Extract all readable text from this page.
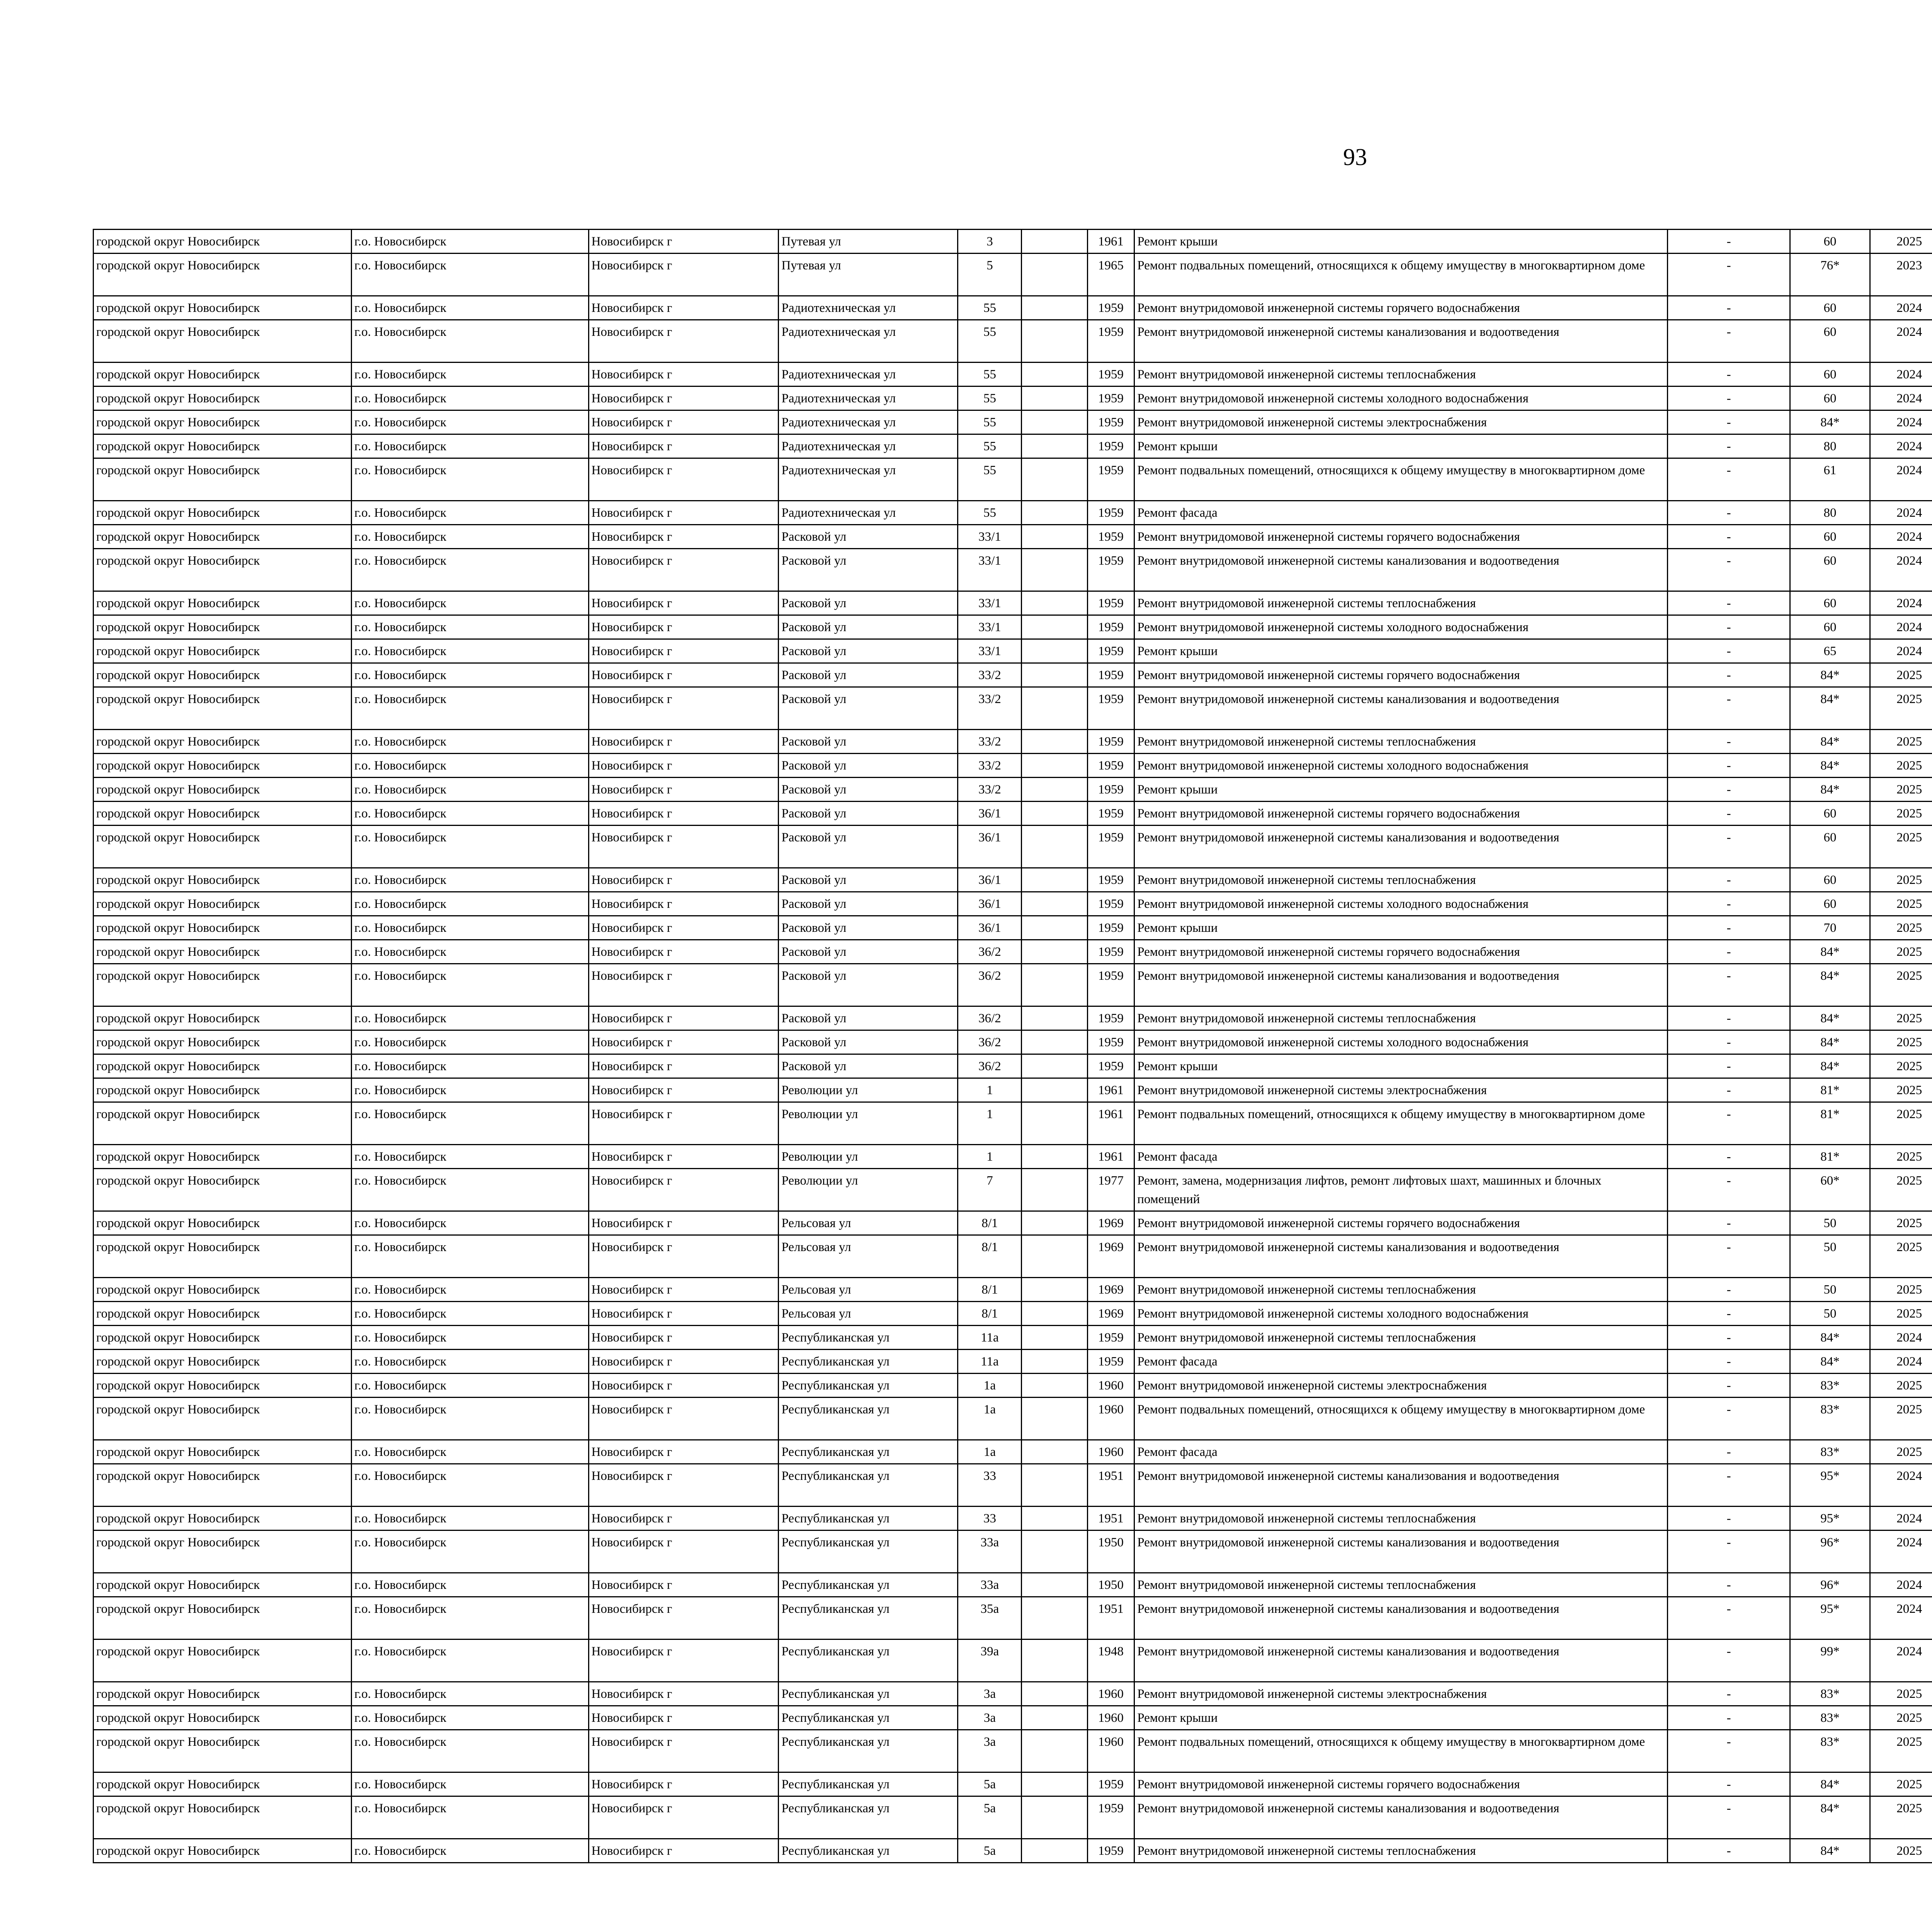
93
городской округ Новосибирск	г.о. Новосибирск	Новосибирск г	Путевая ул	3		1961	Ремонт крыши	-	60	2025								
городской округ Новосибирск	г.о. Новосибирск	Новосибирск г	Путевая ул	5		1965	Ремонт подвальных помещений, относящихся к общему имуществу в многоквартирном доме	-	76*	2023								
городской округ Новосибирск	г.о. Новосибирск	Новосибирск г	Радиотехническая ул	55		1959	Ремонт внутридомовой инженерной системы горячего водоснабжения	-	60	2024								
городской округ Новосибирск	г.о. Новосибирск	Новосибирск г	Радиотехническая ул	55		1959	Ремонт внутридомовой инженерной системы канализования и водоотведения	-	60	2024								
городской округ Новосибирск	г.о. Новосибирск	Новосибирск г	Радиотехническая ул	55		1959	Ремонт внутридомовой инженерной системы теплоснабжения	-	60	2024								
городской округ Новосибирск	г.о. Новосибирск	Новосибирск г	Радиотехническая ул	55		1959	Ремонт внутридомовой инженерной системы холодного водоснабжения	-	60	2024								
городской округ Новосибирск	г.о. Новосибирск	Новосибирск г	Радиотехническая ул	55		1959	Ремонт внутридомовой инженерной системы электроснабжения	-	84*	2024								
городской округ Новосибирск	г.о. Новосибирск	Новосибирск г	Радиотехническая ул	55		1959	Ремонт крыши	-	80	2024								
городской округ Новосибирск	г.о. Новосибирск	Новосибирск г	Радиотехническая ул	55		1959	Ремонт подвальных помещений, относящихся к общему имуществу в многоквартирном доме	-	61	2024								
городской округ Новосибирск	г.о. Новосибирск	Новосибирск г	Радиотехническая ул	55		1959	Ремонт фасада	-	80	2024								
городской округ Новосибирск	г.о. Новосибирск	Новосибирск г	Расковой ул	33/1		1959	Ремонт внутридомовой инженерной системы горячего водоснабжения	-	60	2024								
городской округ Новосибирск	г.о. Новосибирск	Новосибирск г	Расковой ул	33/1		1959	Ремонт внутридомовой инженерной системы канализования и водоотведения	-	60	2024								
городской округ Новосибирск	г.о. Новосибирск	Новосибирск г	Расковой ул	33/1		1959	Ремонт внутридомовой инженерной системы теплоснабжения	-	60	2024								
городской округ Новосибирск	г.о. Новосибирск	Новосибирск г	Расковой ул	33/1		1959	Ремонт внутридомовой инженерной системы холодного водоснабжения	-	60	2024								
городской округ Новосибирск	г.о. Новосибирск	Новосибирск г	Расковой ул	33/1		1959	Ремонт крыши	-	65	2024								
городской округ Новосибирск	г.о. Новосибирск	Новосибирск г	Расковой ул	33/2		1959	Ремонт внутридомовой инженерной системы горячего водоснабжения	-	84*	2025								
городской округ Новосибирск	г.о. Новосибирск	Новосибирск г	Расковой ул	33/2		1959	Ремонт внутридомовой инженерной системы канализования и водоотведения	-	84*	2025								
городской округ Новосибирск	г.о. Новосибирск	Новосибирск г	Расковой ул	33/2		1959	Ремонт внутридомовой инженерной системы теплоснабжения	-	84*	2025								
городской округ Новосибирск	г.о. Новосибирск	Новосибирск г	Расковой ул	33/2		1959	Ремонт внутридомовой инженерной системы холодного водоснабжения	-	84*	2025								
городской округ Новосибирск	г.о. Новосибирск	Новосибирск г	Расковой ул	33/2		1959	Ремонт крыши	-	84*	2025								
городской округ Новосибирск	г.о. Новосибирск	Новосибирск г	Расковой ул	36/1		1959	Ремонт внутридомовой инженерной системы горячего водоснабжения	-	60	2025								
городской округ Новосибирск	г.о. Новосибирск	Новосибирск г	Расковой ул	36/1		1959	Ремонт внутридомовой инженерной системы канализования и водоотведения	-	60	2025								
городской округ Новосибирск	г.о. Новосибирск	Новосибирск г	Расковой ул	36/1		1959	Ремонт внутридомовой инженерной системы теплоснабжения	-	60	2025								
городской округ Новосибирск	г.о. Новосибирск	Новосибирск г	Расковой ул	36/1		1959	Ремонт внутридомовой инженерной системы холодного водоснабжения	-	60	2025								
городской округ Новосибирск	г.о. Новосибирск	Новосибирск г	Расковой ул	36/1		1959	Ремонт крыши	-	70	2025								
городской округ Новосибирск	г.о. Новосибирск	Новосибирск г	Расковой ул	36/2		1959	Ремонт внутридомовой инженерной системы горячего водоснабжения	-	84*	2025								
городской округ Новосибирск	г.о. Новосибирск	Новосибирск г	Расковой ул	36/2		1959	Ремонт внутридомовой инженерной системы канализования и водоотведения	-	84*	2025								
городской округ Новосибирск	г.о. Новосибирск	Новосибирск г	Расковой ул	36/2		1959	Ремонт внутридомовой инженерной системы теплоснабжения	-	84*	2025								
городской округ Новосибирск	г.о. Новосибирск	Новосибирск г	Расковой ул	36/2		1959	Ремонт внутридомовой инженерной системы холодного водоснабжения	-	84*	2025								
городской округ Новосибирск	г.о. Новосибирск	Новосибирск г	Расковой ул	36/2		1959	Ремонт крыши	-	84*	2025								
городской округ Новосибирск	г.о. Новосибирск	Новосибирск г	Революции ул	1		1961	Ремонт внутридомовой инженерной системы электроснабжения	-	81*	2025								
городской округ Новосибирск	г.о. Новосибирск	Новосибирск г	Революции ул	1		1961	Ремонт подвальных помещений, относящихся к общему имуществу в многоквартирном доме	-	81*	2025								
городской округ Новосибирск	г.о. Новосибирск	Новосибирск г	Революции ул	1		1961	Ремонт фасада	-	81*	2025								
городской округ Новосибирск	г.о. Новосибирск	Новосибирск г	Революции ул	7		1977	Ремонт, замена, модернизация лифтов, ремонт лифтовых шахт, машинных и блочных помещений	-	60*	2025								
городской округ Новосибирск	г.о. Новосибирск	Новосибирск г	Рельсовая ул	8/1		1969	Ремонт внутридомовой инженерной системы горячего водоснабжения	-	50	2025								
городской округ Новосибирск	г.о. Новосибирск	Новосибирск г	Рельсовая ул	8/1		1969	Ремонт внутридомовой инженерной системы канализования и водоотведения	-	50	2025								
городской округ Новосибирск	г.о. Новосибирск	Новосибирск г	Рельсовая ул	8/1		1969	Ремонт внутридомовой инженерной системы теплоснабжения	-	50	2025								
городской округ Новосибирск	г.о. Новосибирск	Новосибирск г	Рельсовая ул	8/1		1969	Ремонт внутридомовой инженерной системы холодного водоснабжения	-	50	2025								
городской округ Новосибирск	г.о. Новосибирск	Новосибирск г	Республиканская ул	11а		1959	Ремонт внутридомовой инженерной системы теплоснабжения	-	84*	2024								
городской округ Новосибирск	г.о. Новосибирск	Новосибирск г	Республиканская ул	11а		1959	Ремонт фасада	-	84*	2024								
городской округ Новосибирск	г.о. Новосибирск	Новосибирск г	Республиканская ул	1а		1960	Ремонт внутридомовой инженерной системы электроснабжения	-	83*	2025								
городской округ Новосибирск	г.о. Новосибирск	Новосибирск г	Республиканская ул	1а		1960	Ремонт подвальных помещений, относящихся к общему имуществу в многоквартирном доме	-	83*	2025								
городской округ Новосибирск	г.о. Новосибирск	Новосибирск г	Республиканская ул	1а		1960	Ремонт фасада	-	83*	2025								
городской округ Новосибирск	г.о. Новосибирск	Новосибирск г	Республиканская ул	33		1951	Ремонт внутридомовой инженерной системы канализования и водоотведения	-	95*	2024								
городской округ Новосибирск	г.о. Новосибирск	Новосибирск г	Республиканская ул	33		1951	Ремонт внутридомовой инженерной системы теплоснабжения	-	95*	2024								
городской округ Новосибирск	г.о. Новосибирск	Новосибирск г	Республиканская ул	33а		1950	Ремонт внутридомовой инженерной системы канализования и водоотведения	-	96*	2024								
городской округ Новосибирск	г.о. Новосибирск	Новосибирск г	Республиканская ул	33а		1950	Ремонт внутридомовой инженерной системы теплоснабжения	-	96*	2024								
городской округ Новосибирск	г.о. Новосибирск	Новосибирск г	Республиканская ул	35а		1951	Ремонт внутридомовой инженерной системы канализования и водоотведения	-	95*	2024								
городской округ Новосибирск	г.о. Новосибирск	Новосибирск г	Республиканская ул	39а		1948	Ремонт внутридомовой инженерной системы канализования и водоотведения	-	99*	2024								
городской округ Новосибирск	г.о. Новосибирск	Новосибирск г	Республиканская ул	3а		1960	Ремонт внутридомовой инженерной системы электроснабжения	-	83*	2025								
городской округ Новосибирск	г.о. Новосибирск	Новосибирск г	Республиканская ул	3а		1960	Ремонт крыши	-	83*	2025								
городской округ Новосибирск	г.о. Новосибирск	Новосибирск г	Республиканская ул	3а		1960	Ремонт подвальных помещений, относящихся к общему имуществу в многоквартирном доме	-	83*	2025								
городской округ Новосибирск	г.о. Новосибирск	Новосибирск г	Республиканская ул	5а		1959	Ремонт внутридомовой инженерной системы горячего водоснабжения	-	84*	2025								
городской округ Новосибирск	г.о. Новосибирск	Новосибирск г	Республиканская ул	5а		1959	Ремонт внутридомовой инженерной системы канализования и водоотведения	-	84*	2025								
городской округ Новосибирск	г.о. Новосибирск	Новосибирск г	Республиканская ул	5а		1959	Ремонт внутридомовой инженерной системы теплоснабжения	-	84*	2025								
